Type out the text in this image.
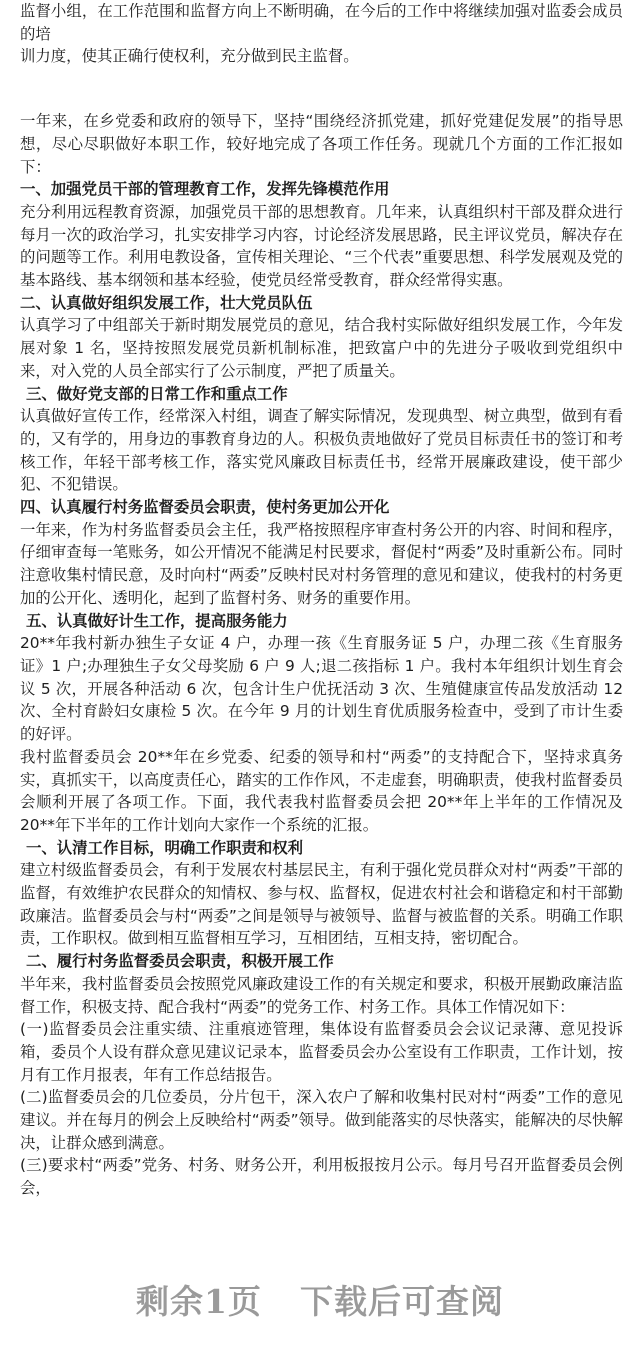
监督小组，在工作范围和监督方向上不断明确，在今后的工作中将继续加强对监委会成员的培

训力度，使其正确行使权利，充分做到民主监督。

一年来，在乡党委和政府的领导下，坚持“围绕经济抓党建，抓好党建促发展”的指导思想，尽心尽职做好本职工作，较好地完成了各项工作任务。现就几个方面的工作汇报如下：

一、加强党员干部的管理教育工作，发挥先锋模范作用

充分利用远程教育资源，加强党员干部的思想教育。几年来，认真组织村干部及群众进行每月一次的政治学习，扎实安排学习内容，讨论经济发展思路，民主评议党员，解决存在的问题等工作。利用电教设备，宣传相关理论、“三个代表”重要思想、科学发展观及党的基本路线、基本纲领和基本经验，使党员经常受教育，群众经常得实惠。

二、认真做好组织发展工作，壮大党员队伍

认真学习了中组部关于新时期发展党员的意见，结合我村实际做好组织发展工作，今年发展对象 1 名，坚持按照发展党员新机制标准，把致富户中的先进分子吸收到党组织中来，对入党的人员全部实行了公示制度，严把了质量关。

三、做好党支部的日常工作和重点工作

认真做好宣传工作，经常深入村组，调查了解实际情况，发现典型、树立典型，做到有看的，又有学的，用身边的事教育身边的人。积极负责地做好了党员目标责任书的签订和考核工作，年轻干部考核工作，落实党风廉政目标责任书，经常开展廉政建设，使干部少犯、不犯错误。

四、认真履行村务监督委员会职责，使村务更加公开化

一年来，作为村务监督委员会主任，我严格按照程序审查村务公开的内容、时间和程序，仔细审查每一笔账务，如公开情况不能满足村民要求，督促村“两委”及时重新公布。同时注意收集村情民意，及时向村“两委”反映村民对村务管理的意见和建议，使我村的村务更加的公开化、透明化，起到了监督村务、财务的重要作用。

五、认真做好计生工作，提高服务能力

20**年我村新办独生子女证 4 户，办理一孩《生育服务证 5 户，办理二孩《生育服务证》1 户;办理独生子女父母奖励 6 户 9 人;退二孩指标 1 户。我村本年组织计划生育会议 5 次，开展各种活动 6 次，包含计生户优抚活动 3 次、生殖健康宣传品发放活动 12 次、全村育龄妇女康检 5 次。在今年 9 月的计划生育优质服务检查中，受到了市计生委的好评。

我村监督委员会 20**年在乡党委、纪委的领导和村“两委”的支持配合下，坚持求真务实，真抓实干，以高度责任心，踏实的工作作风，不走虚套，明确职责，使我村监督委员会顺利开展了各项工作。下面，我代表我村监督委员会把 20**年上半年的工作情况及 20**年下半年的工作计划向大家作一个系统的汇报。

一、认清工作目标，明确工作职责和权利

建立村级监督委员会，有利于发展农村基层民主，有利于强化党员群众对村“两委”干部的监督，有效维护农民群众的知情权、参与权、监督权，促进农村社会和谐稳定和村干部勤政廉洁。监督委员会与村“两委”之间是领导与被领导、监督与被监督的关系。明确工作职责，工作职权。做到相互监督相互学习，互相团结，互相支持，密切配合。

二、履行村务监督委员会职责，积极开展工作

半年来，我村监督委员会按照党风廉政建设工作的有关规定和要求，积极开展勤政廉洁监督工作，积极支持、配合我村“两委”的党务工作、村务工作。具体工作情况如下：

(一)监督委员会注重实绩、注重痕迹管理，集体设有监督委员会会议记录薄、意见投诉箱，委员个人设有群众意见建议记录本，监督委员会办公室设有工作职责，工作计划，按月有工作月报表，年有工作总结报告。

(二)监督委员会的几位委员，分片包干，深入农户了解和收集村民对村“两委”工作的意见建议。并在每月的例会上反映给村“两委”领导。做到能落实的尽快落实，能解决的尽快解决，让群众感到满意。

(三)要求村“两委”党务、村务、财务公开，利用板报按月公示。每月号召开监督委员会例会，

剩余1页 下载后可查阅
